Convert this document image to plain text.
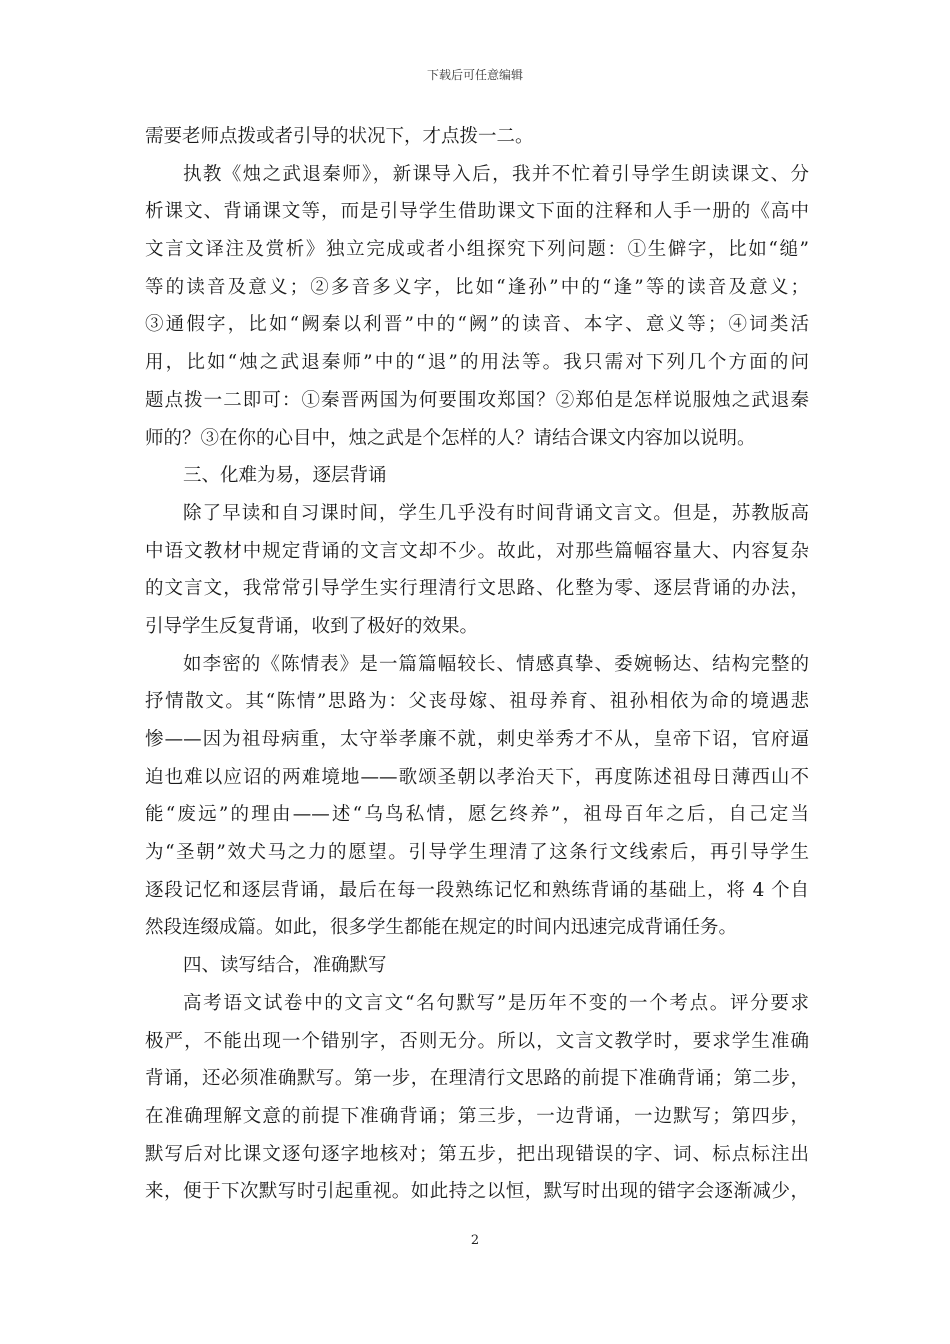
下载后可任意编辑
需要老师点拨或者引导的状况下，才点拨一二。
执教《烛之武退秦师》，新课导入后，我并不忙着引导学生朗读课文、分
析课文、背诵课文等，而是引导学生借助课文下面的注释和人手一册的《高中
文言文译注及赏析》独立完成或者小组探究下列问题：①生僻字，比如“缒”
等的读音及意义；②多音多义字，比如“逢孙”中的“逢”等的读音及意义；
③通假字，比如“阙秦以利晋”中的“阙”的读音、本字、意义等；④词类活
用，比如“烛之武退秦师”中的“退”的用法等。我只需对下列几个方面的问
题点拨一二即可：①秦晋两国为何要围攻郑国？②郑伯是怎样说服烛之武退秦
师的？③在你的心目中，烛之武是个怎样的人？请结合课文内容加以说明。
三、化难为易，逐层背诵
除了早读和自习课时间，学生几乎没有时间背诵文言文。但是，苏教版高
中语文教材中规定背诵的文言文却不少。故此，对那些篇幅容量大、内容复杂
的文言文，我常常引导学生实行理清行文思路、化整为零、逐层背诵的办法，
引导学生反复背诵，收到了极好的效果。
如李密的《陈情表》是一篇篇幅较长、情感真挚、委婉畅达、结构完整的
抒情散文。其“陈情”思路为：父丧母嫁、祖母养育、祖孙相依为命的境遇悲
惨——因为祖母病重，太守举孝廉不就，刺史举秀才不从，皇帝下诏，官府逼
迫也难以应诏的两难境地——歌颂圣朝以孝治天下，再度陈述祖母日薄西山不
能“废远”的理由——述“乌鸟私情，愿乞终养”，祖母百年之后，自己定当
为“圣朝”效犬马之力的愿望。引导学生理清了这条行文线索后，再引导学生
逐段记忆和逐层背诵，最后在每一段熟练记忆和熟练背诵的基础上，将 4 个自
然段连缀成篇。如此，很多学生都能在规定的时间内迅速完成背诵任务。
四、读写结合，准确默写
高考语文试卷中的文言文“名句默写”是历年不变的一个考点。评分要求
极严，不能出现一个错别字，否则无分。所以，文言文教学时，要求学生准确
背诵，还必须准确默写。第一步，在理清行文思路的前提下准确背诵；第二步，
在准确理解文意的前提下准确背诵；第三步，一边背诵，一边默写；第四步，
默写后对比课文逐句逐字地核对；第五步，把出现错误的字、词、标点标注出
来，便于下次默写时引起重视。如此持之以恒，默写时出现的错字会逐渐减少，
2
